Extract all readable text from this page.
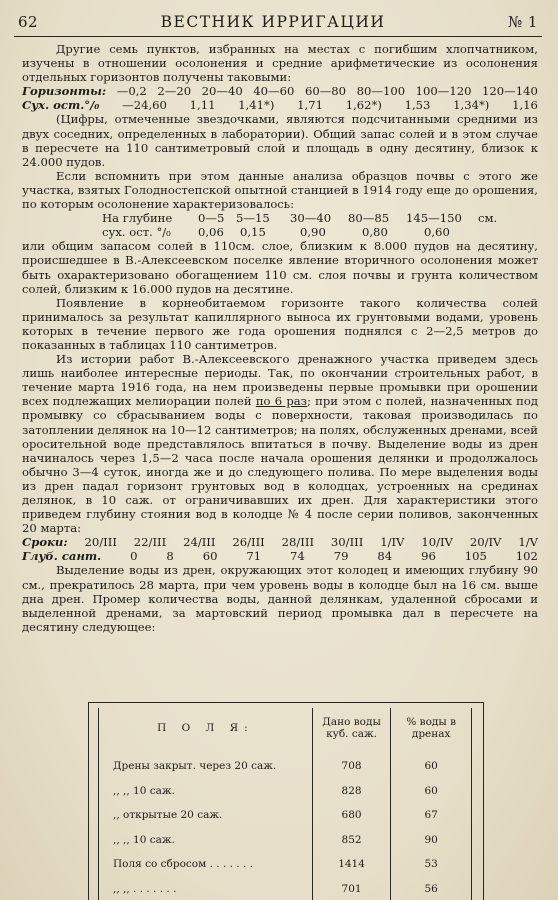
62	ВЕСТНИК ИРРИГАЦИИ	№ 1

Другие семь пунктов, избранных на местах с погибшим хлопчатником, изучены в отношении осолонения и средние арифметические из осолонения отдельных горизонтов получены таковыми:

Горизонты: —0,2 2—20 20—40 40—60 60—80 80—100 100—120 120—140
Сух. ост.°/₀ —24,60 1,11 1,41*) 1,71 1,62*) 1,53 1,34*) 1,16

(Цифры, отмеченные звездочками, являются подсчитанными средними из двух соседних, определенных в лаборатории). Общий запас солей и в этом случае в пересчете на 110 сантиметровый слой и площадь в одну десятину, близок к 24.000 пудов.

Если вспомнить при этом данные анализа образцов почвы с этого же участка, взятых Голодностепской опытной станцией в 1914 году еще до орошения, по которым осолонение характеризовалось:

На глубине	0—5	5—15	30—40	80—85	145—150	см.
сух. ост. °/₀	0,06	0,15	0,90	0,80	0,60

или общим запасом солей в 110см. слое, близким к 8.000 пудов на десятину, происшедшее в В.-Алексеевском поселке явление вторичного осолонения может быть охарактеризовано обогащением 110 см. слоя почвы и грунта количеством солей, близким к 16.000 пудов на десятине.

Появление в корнеобитаемом горизонте такого количества солей принималось за результат капиллярного выноса их грунтовыми водами, уровень которых в течение первого же года орошения поднялся с 2—2,5 метров до показанных в таблицах 110 сантиметров.

Из истории работ В.-Алексеевского дренажного участка приведем здесь лишь наиболее интересные периоды. Так, по окончании строительных работ, в течение марта 1916 года, на нем произведены первые промывки при орошении всех подлежащих мелиорации полей по 6 раз; при этом с полей, назначенных под промывку со сбрасыванием воды с поверхности, таковая производилась по затоплении делянок на 10—12 сантиметров; на полях, обслуженных дренами, всей оросительной воде представлялось впитаться в почву. Выделение воды из дрен начиналось через 1,5—2 часа после начала орошения делянки и продолжалось обычно 3—4 суток, иногда же и до следующего полива. По мере выделения воды из дрен падал горизонт грунтовых вод в колодцах, устроенных на срединах делянок, в 10 саж. от ограничивавших их дрен. Для характеристики этого приведем глубину стояния вод в колодце № 4 после серии поливов, законченных 20 марта:

Сроки: 20/III 22/III 24/III 26/III 28/III 30/III 1/IV 10/IV 20/IV 1/V
Глуб. сант. 0 8 60 71 74 79 84 96 105 102

Выделение воды из дрен, окружающих этот колодец и имеющих глубину 90 см., прекратилось 28 марта, при чем уровень воды в колодце был на 16 см. выше дна дрен. Промер количества воды, данной делянкам, удаленной сбросами и выделенной дренами, за мартовский период промывка дал в пересчете на десятину следующее:

П О Л Я:	Дано воды куб. саж.	% воды в дренах
Дрены закрыт. через 20 саж.	708	60
,, ,, 10 саж.	828	60
,, открытые 20 саж.	680	67
,, ,, 10 саж.	852	90
Поля со сбросом . . . . . . .	1414	53
,, ,, . . . . . . .	701	56
